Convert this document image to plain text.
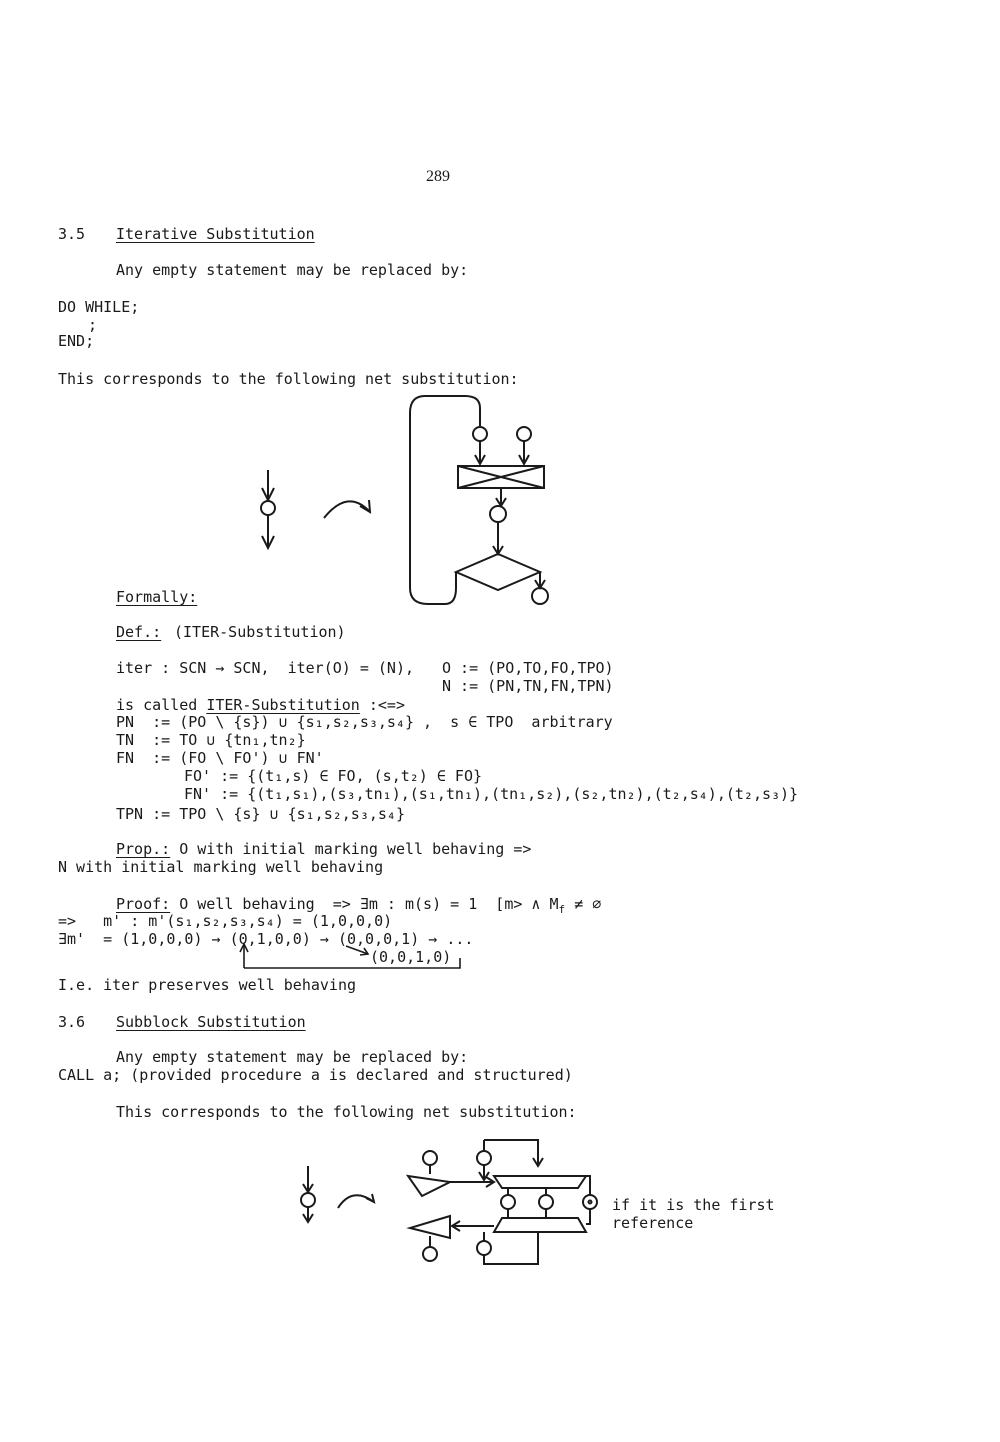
289
3.5 Iterative Substitution
Any empty statement may be replaced by:
DO WHILE;
;
END;
This corresponds to the following net substitution:
Formally:
Def.: (ITER-Substitution)
iter : SCN → SCN,  iter(O) = (N), O := (PO,TO,FO,TPO)
N := (PN,TN,FN,TPN)
is called ITER-Substitution :<=>
PN  := (PO \ {s}) ∪ {s₁,s₂,s₃,s₄} ,  s ∈ TPO  arbitrary
TN  := TO ∪ {tn₁,tn₂}
FN  := (FO \ FO') ∪ FN'
FO' := {(t₁,s) ∈ FO, (s,t₂) ∈ FO}
FN' := {(t₁,s₁),(s₃,tn₁),(s₁,tn₁),(tn₁,s₂),(s₂,tn₂),(t₂,s₄),(t₂,s₃)}
TPN := TPO \ {s} ∪ {s₁,s₂,s₃,s₄}
Prop.: O with initial marking well behaving =>
N with initial marking well behaving
Proof: O well behaving  => ∃m : m(s) = 1  [m> ∧ $M_f$ ≠ ∅
=>   m' : m'(s₁,s₂,s₃,s₄) = (1,0,0,0)
∃m'  = (1,0,0,0) → (0,1,0,0) → (0,0,0,1) → ...
(0,0,1,0)
I.e. iter preserves well behaving
3.6 Subblock Substitution
Any empty statement may be replaced by:
CALL a; (provided procedure a is declared and structured)
This corresponds to the following net substitution:
if it is the first
reference
